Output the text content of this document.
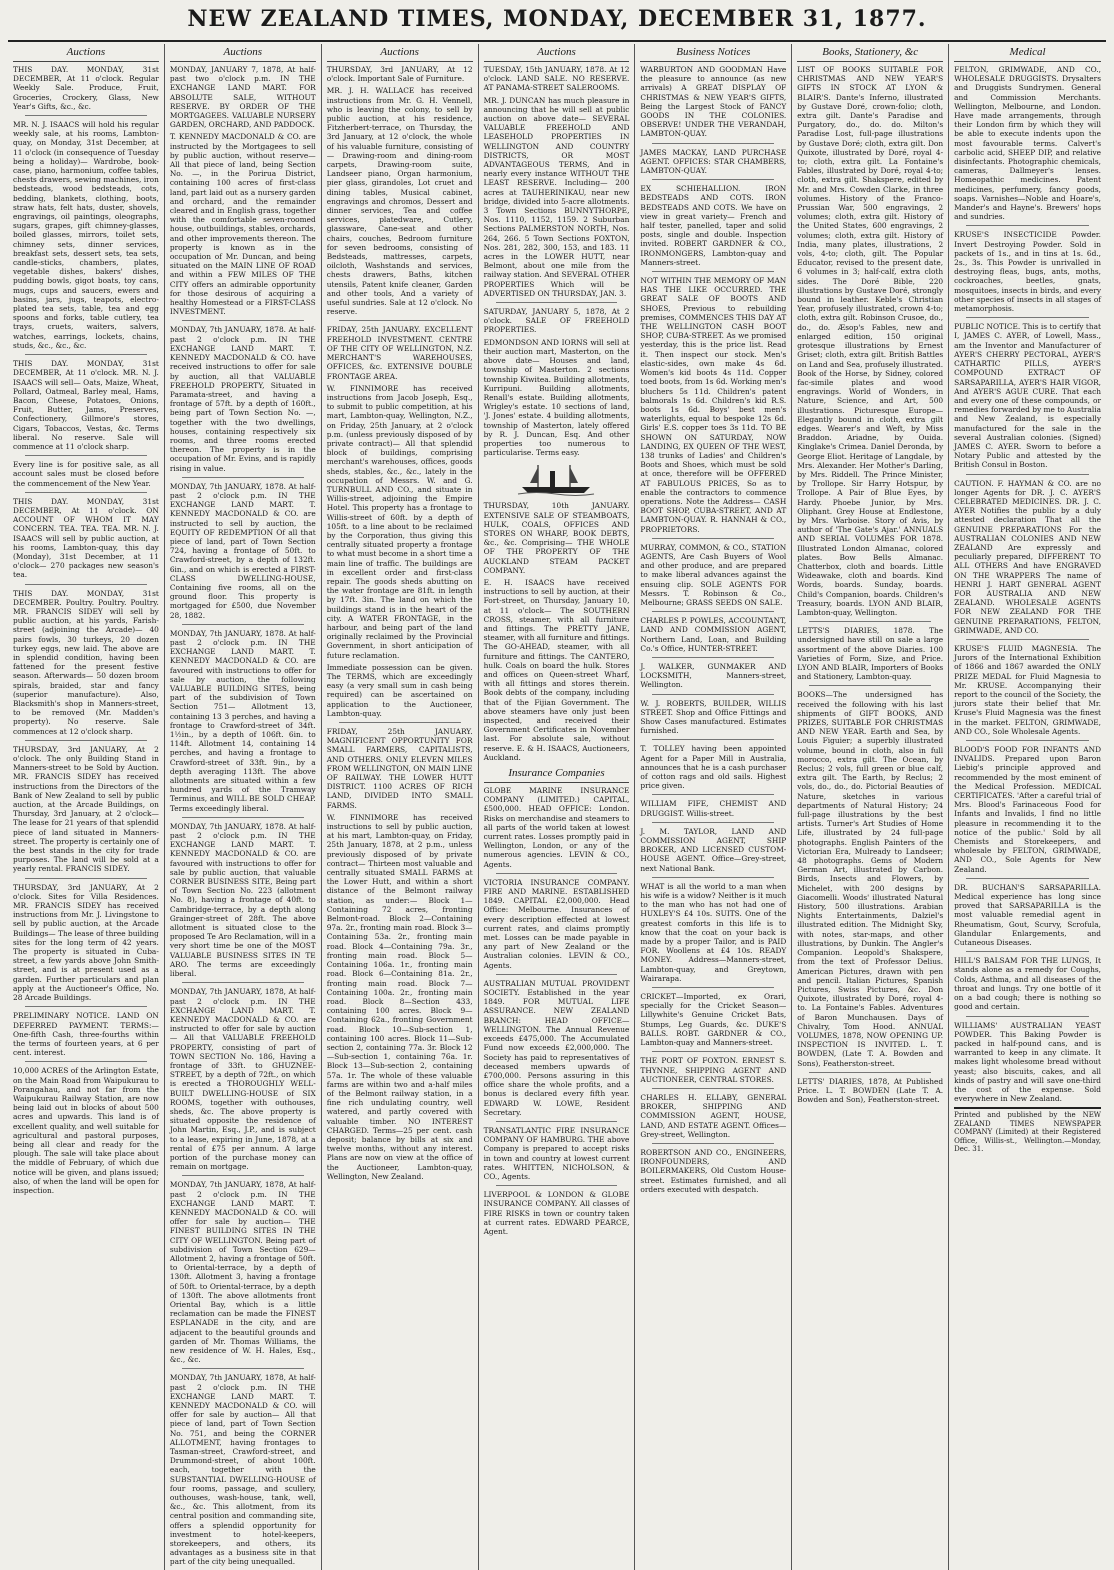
NEW ZEALAND TIMES, MONDAY, DECEMBER 31, 1877.
Auctions

THIS DAY. MONDAY, 31st DECEMBER, At 11 o'clock. Regular Weekly Sale. Produce, Fruit, Groceries, Crockery, Glass, New Year's Gifts, &c., &c.

MR. N. J. ISAACS will hold his regular weekly sale, at his rooms, Lambton-quay, on Monday, 31st December, at 11 o'clock (in consequence of Tuesday being a holiday)— Wardrobe, book-case, piano, harmonium, coffee tables, chests drawers, sewing machines, iron bedsteads, wood bedsteads, cots, bedding, blankets, clothing, boots, straw hats, felt hats, duster, shovels, engravings, oil paintings, oleographs, sugars, grapes, gift chimney-glasses, boiled glasses, mirrors, toilet sets, chimney sets, dinner services, breakfast sets, dessert sets, tea sets, candle-sticks, chambers, plates, vegetable dishes, bakers' dishes, pudding bowls, gigot boats, toy cans, mugs, cups and saucers, ewers and basins, jars, jugs, teapots, electro-plated tea sets, table, tea and egg spoons and forks, table cutlery, tea trays, cruets, waiters, salvers, watches, earrings, lockets, chains, studs, &c., &c., &c.

THIS DAY. MONDAY, 31st DECEMBER, At 11 o'clock. MR. N. J. ISAACS will sell— Oats, Maize, Wheat, Pollard, Oatmeal, Barley meal, Hams, Bacon, Cheese, Potatoes, Onions, Fruit, Butter, Jams, Preserves, Confectionery, Gillmore's stores, Cigars, Tobaccos, Vestas, &c. Terms liberal. No reserve. Sale will commence at 11 o'clock sharp.

Every line is for positive sale, as all account sales must be closed before the commencement of the New Year.

THIS DAY. MONDAY, 31st DECEMBER, At 11 o'clock. ON ACCOUNT OF WHOM IT MAY CONCERN. TEA. TEA. TEA. MR. N. J. ISAACS will sell by public auction, at his rooms, Lambton-quay, this day (Monday), 31st December, at 11 o'clock— 270 packages new season's tea.

THIS DAY. MONDAY, 31st DECEMBER. Poultry. Poultry. Poultry. MR. FRANCIS SIDEY will sell by public auction, at his yards, Farish-street (adjoining the Arcade)— 40 pairs fowls, 30 turkeys, 20 dozen turkey eggs, new laid. The above are in splendid condition, having been fattened for the present festive season. Afterwards— 50 dozen broom spirals, braided, star and fancy (superior manufacture). Also, Blacksmith's shop in Manners-street, to be removed (Mr. Madden's property). No reserve. Sale commences at 12 o'clock sharp.

THURSDAY, 3rd JANUARY, At 2 o'clock. The only Building Stand in Manners-street to be Sold by Auction. MR. FRANCIS SIDEY has received instructions from the Directors of the Bank of New Zealand to sell by public auction, at the Arcade Buildings, on Thursday, 3rd January, at 2 o'clock— The lease for 21 years of that splendid piece of land situated in Manners-street. The property is certainly one of the best stands in the city for trade purposes. The land will be sold at a yearly rental. FRANCIS SIDEY.

THURSDAY, 3rd JANUARY, At 2 o'clock. Sites for Villa Residences. MR. FRANCIS SIDEY has received instructions from Mr. J. Livingstone to sell by public auction, at the Arcade Buildings— The lease of three building sites for the long term of 42 years. The property is situated in Cuba-street, a few yards above John Smith-street, and is at present used as a garden. Further particulars and plan apply at the Auctioneer's Office, No. 28 Arcade Buildings.

PRELIMINARY NOTICE. LAND ON DEFERRED PAYMENT. TERMS:— One-fifth Cash, three-fourths within the terms of fourteen years, at 6 per cent. interest.

10,000 ACRES of the Arlington Estate, on the Main Road from Waipukurau to Porangahau, and not far from the Waipukurau Railway Station, are now being laid out in blocks of about 500 acres and upwards. This land is of excellent quality, and well suitable for agricultural and pastoral purposes, being all clear and ready for the plough. The sale will take place about the middle of February, of which due notice will be given, and plans issued; also, of when the land will be open for inspection.

Auctions

MONDAY, JANUARY 7, 1878, At half-past two o'clock p.m. IN THE EXCHANGE LAND MART. FOR ABSOLUTE SALE, WITHOUT RESERVE. BY ORDER OF THE MORTGAGEES. VALUABLE NURSERY GARDEN, ORCHARD, AND PADDOCK.

T. KENNEDY MACDONALD & CO. are instructed by the Mortgagees to sell by public auction, without reserve— All that piece of land, being Section No. —, in the Porirua District, containing 100 acres of first-class land, part laid out as a nursery garden and orchard, and the remainder cleared and in English grass, together with the comfortable seven-roomed house, outbuildings, stables, orchards, and other improvements thereon. The property is known as in the occupation of Mr. Duncan, and being situated on the MAIN LINE OF ROAD and within a FEW MILES OF THE CITY offers an admirable opportunity for those desirous of acquiring a healthy Homestead or a FIRST-CLASS INVESTMENT.

MONDAY, 7th JANUARY, 1878. At half-past 2 o'clock p.m. IN THE EXCHANGE LAND MART. T. KENNEDY MACDONALD & CO. have received instructions to offer for sale by auction, all that VALUABLE FREEHOLD PROPERTY, Situated in Paramata-street, and having a frontage of 57ft. by a depth of 160ft., being part of Town Section No. —, together with the two dwellings, houses, containing respectively six rooms, and three rooms erected thereon. The property is in the occupation of Mr. Evins, and is rapidly rising in value.

MONDAY, 7th JANUARY, 1878. At half-past 2 o'clock p.m. IN THE EXCHANGE LAND MART. T. KENNEDY MACDONALD & CO. are instructed to sell by auction, the EQUITY OF REDEMPTION Of all that piece of land, part of Town Section 724, having a frontage of 50ft. to Crawford-street, by a depth of 132ft. 6in., and on which is erected a FIRST-CLASS DWELLING-HOUSE, Containing five rooms, all on the ground floor. This property is mortgaged for £500, due November 28, 1882.

MONDAY, 7th JANUARY, 1878. At half-past 2 o'clock p.m. IN THE EXCHANGE LAND MART. T. KENNEDY MACDONALD & CO. are favoured with instructions to offer for sale by auction, the following VALUABLE BUILDING SITES, being part of the subdivision of Town Section 751— Allotment 13, containing 13 3 perches, and having a frontage to Crawford-street of 34ft. 1½in., by a depth of 106ft. 6in. to 114ft. Allotment 14, containing 14 perches, and having a frontage to Crawford-street of 33ft. 9in., by a depth averaging 113ft. The above allotments are situated within a few hundred yards of the Tramway Terminus, and WILL BE SOLD CHEAP. Terms exceedingly liberal.

MONDAY, 7th JANUARY, 1878. At half-past 2 o'clock p.m. IN THE EXCHANGE LAND MART. T. KENNEDY MACDONALD & CO. are favoured with instructions to offer for sale by public auction, that valuable CORNER BUSINESS SITE, Being part of Town Section No. 223 (allotment No. 8), having a frontage of 40ft. to Cambridge-terrace, by a depth along Grainger-street of 28ft. The above allotment is situated close to the proposed Te Aro Reclamation, will in a very short time be one of the MOST VALUABLE BUSINESS SITES IN TE ARO. The terms are exceedingly liberal.

MONDAY, 7th JANUARY, 1878, At half-past 2 o'clock p.m. IN THE EXCHANGE LAND MART. T. KENNEDY MACDONALD & CO. are instructed to offer for sale by auction— All that VALUABLE FREEHOLD PROPERTY, consisting of part of TOWN SECTION No. 186, Having a frontage of 33ft. to GHUZNEE-STREET, by a depth of 72ft., on which is erected a THOROUGHLY WELL-BUILT DWELLING-HOUSE of SIX ROOMS, together with outhouses, sheds, &c. The above property is situated opposite the residence of John Martin, Esq., J.P., and is subject to a lease, expiring in June, 1878, at a rental of £75 per annum. A large portion of the purchase money can remain on mortgage.

MONDAY, 7th JANUARY, 1878, At half-past 2 o'clock p.m. IN THE EXCHANGE LAND MART. T. KENNEDY MACDONALD & CO. will offer for sale by auction— THE FINEST BUILDING SITES IN THE CITY OF WELLINGTON. Being part of subdivision of Town Section 629— Allotment 2, having a frontage of 50ft. to Oriental-terrace, by a depth of 130ft. Allotment 3, having a frontage of 50ft. to Oriental-terrace, by a depth of 130ft. The above allotments front Oriental Bay, which is a little reclamation can be made the FINEST ESPLANADE in the city, and are adjacent to the beautiful grounds and garden of Mr. Thomas Williams, the new residence of W. H. Hales, Esq., &c., &c.

MONDAY, 7th JANUARY, 1878, At half-past 2 o'clock p.m. IN THE EXCHANGE LAND MART. T. KENNEDY MACDONALD & CO. will offer for sale by auction— All that piece of land, part of Town Section No. 751, and being the CORNER ALLOTMENT, having frontages to Tasman-street, Crawford-street, and Drummond-street, of about 100ft. each, together with the SUBSTANTIAL DWELLING-HOUSE of four rooms, passage, and scullery, outhouses, wash-house, tank, well, &c., &c. This allotment, from its central position and commanding site, offers a splendid opportunity for investment to hotel-keepers, storekeepers, and others, its advantages as a business site in that part of the city being unequalled.

Auctions

THURSDAY, 3rd JANUARY, At 12 o'clock. Important Sale of Furniture.

MR. J. H. WALLACE has received instructions from Mr. G. H. Vennell, who is leaving the colony, to sell by public auction, at his residence, Fitzherbert-terrace, on Thursday, the 3rd January, at 12 o'clock, the whole of his valuable furniture, consisting of— Drawing-room and dining-room carpets, Drawing-room suite, Landseer piano, Organ harmonium, pier glass, girandoles, Lot cruet and dining tables, Musical cabinet, engravings and chromos, Dessert and dinner services, Tea and coffee services, platedware, Cutlery, glassware, Cane-seat and other chairs, couches, Bedroom furniture for seven bedrooms, consisting of Bedsteads, mattresses, carpets, oilcloth, Washstands and services, chests drawers, Baths, kitchen utensils, Patent knife cleaner, Garden and other tools, And a variety of useful sundries. Sale at 12 o'clock. No reserve.

FRIDAY, 25th JANUARY. EXCELLENT FREEHOLD INVESTMENT. CENTRE OF THE CITY OF WELLINGTON, N.Z. MERCHANT'S WAREHOUSES, OFFICES, &c. EXTENSIVE DOUBLE FRONTAGE AREA.

W. FINNIMORE has received instructions from Jacob Joseph, Esq., to submit to public competition, at his mart, Lambton-quay, Wellington, N.Z., on Friday, 25th January, at 2 o'clock p.m. (unless previously disposed of by private contract)— All that splendid block of buildings, comprising merchant's warehouses, offices, goods sheds, stables, &c., &c., lately in the occupation of Messrs. W. and G. TURNBULL AND CO., and situate in Willis-street, adjoining the Empire Hotel. This property has a frontage to Willis-street of 60ft. by a depth of 105ft. to a line about to be reclaimed by the Corporation, thus giving this centrally situated property a frontage to what must become in a short time a main line of traffic. The buildings are in excellent order and first-class repair. The goods sheds abutting on the water frontage are 81ft. in length by 17ft. 3in. The land on which the buildings stand is in the heart of the city. A WATER FRONTAGE, in the harbour, and being part of the land originally reclaimed by the Provincial Government, in short anticipation of future reclamation.

Immediate possession can be given. The TERMS, which are exceedingly easy (a very small sum in cash being required) can be ascertained on application to the Auctioneer, Lambton-quay.

FRIDAY, 25th JANUARY. MAGNIFICENT OPPORTUNITY FOR SMALL FARMERS, CAPITALISTS, AND OTHERS. ONLY ELEVEN MILES FROM WELLINGTON, ON MAIN LINE OF RAILWAY. THE LOWER HUTT DISTRICT. 1100 ACRES OF RICH LAND, DIVIDED INTO SMALL FARMS.

W. FINNIMORE has received instructions to sell by public auction, at his mart, Lambton-quay, on Friday, 25th January, 1878, at 2 p.m., unless previously disposed of by private contract— Thirteen most valuable and centrally situated SMALL FARMS at the Lower Hutt, and within a short distance of the Belmont railway station, as under:— Block 1—Containing 72 acres, fronting Belmont-road. Block 2—Containing 97a. 2r., fronting main road. Block 3—Containing 53a. 2r., fronting main road. Block 4—Containing 79a. 3r., fronting main road. Block 5—Containing 106a. 1r., fronting main road. Block 6—Containing 81a. 2r., fronting main road. Block 7—Containing 100a. 2r., fronting main road. Block 8—Section 433, containing 100 acres. Block 9—Containing 62a., fronting Government road. Block 10—Sub-section 1, containing 100 acres. Block 11—Sub-section 2, containing 77a. 3r. Block 12—Sub-section 1, containing 76a. 1r. Block 13—Sub-section 2, containing 57a. 1r. The whole of these valuable farms are within two and a-half miles of the Belmont railway station, in a fine rich undulating country, well watered, and partly covered with valuable timber. NO INTEREST CHARGED. Terms—25 per cent. cash deposit; balance by bills at six and twelve months, without any interest. Plans are now on view at the office of the Auctioneer, Lambton-quay, Wellington, New Zealand.

Auctions

TUESDAY, 15th JANUARY, 1878. At 12 o'clock. LAND SALE. NO RESERVE. AT PANAMA-STREET SALEROOMS.

MR. J. DUNCAN has much pleasure in announcing that he will sell at public auction on above date— SEVERAL VALUABLE FREEHOLD AND LEASEHOLD PROPERTIES IN WELLINGTON AND COUNTRY DISTRICTS, OR MOST ADVANTAGEOUS TERMS, And in nearly every instance WITHOUT THE LEAST RESERVE. Including— 200 acres at TAUHERINIKAU, near new bridge, divided into 5-acre allotments. 3 Town Sections BUNNYTHORPE, Nos. 1110, 1152, 1159. 2 Suburban Sections PALMERSTON NORTH, Nos. 264, 266. 5 Town Sections FOXTON, Nos. 281, 282, 300, 153, and 183. 11 acres in the LOWER HUTT, near Belmont, about one mile from the railway station. And SEVERAL OTHER PROPERTIES Which will be ADVERTISED ON THURSDAY, JAN. 3.

SATURDAY, JANUARY 5, 1878, At 2 o'clock. SALE OF FREEHOLD PROPERTIES.

EDMONDSON AND IORNS will sell at their auction mart, Masterton, on the above date— Houses and land, township of Masterton. 2 sections township Kiwitea. Building allotments, Kurripuni. Building allotments, Renall's estate. Building allotments, Wrigley's estate. 10 sections of land, 'J. Jones' estate. 4 building allotments, township of Masterton, lately offered by R. J. Duncan, Esq. And other properties too numerous to particularise. Terms easy.

THURSDAY, 10th JANUARY. EXTENSIVE SALE OF STEAMBOATS, HULK, COALS, OFFICES AND STORES ON WHARF, BOOK DEBTS, &c., &c. Comprising— THE WHOLE OF THE PROPERTY OF THE AUCKLAND STEAM PACKET COMPANY.

E. H. ISAACS have received instructions to sell by auction, at their Fort-street, on Thursday, January 10, at 11 o'clock— The SOUTHERN CROSS, steamer, with all furniture and fittings. The PRETTY JANE, steamer, with all furniture and fittings. The GO-AHEAD, steamer, with all furniture and fittings. The CANTERO, hulk. Coals on board the hulk. Stores and offices on Queen-street Wharf, with all fittings and stores therein. Book debts of the company, including that of the Fijian Government. The above steamers have only just been inspected, and received their Government Certificates in November last. For absolute sale, without reserve. E. & H. ISAACS, Auctioneers, Auckland.

Insurance Companies

GLOBE MARINE INSURANCE COMPANY (LIMITED.) CAPITAL, £500,000. HEAD OFFICE: London. Risks on merchandise and steamers to all parts of the world taken at lowest current rates. Losses promptly paid in Wellington, London, or any of the numerous agencies. LEVIN & CO., Agents.

VICTORIA INSURANCE COMPANY. FIRE AND MARINE. ESTABLISHED 1849. CAPITAL £2,000,000. Head Office: Melbourne. Insurances of every description effected at lowest current rates, and claims promptly met. Losses can be made payable in any part of New Zealand or the Australian colonies. LEVIN & CO., Agents.

AUSTRALIAN MUTUAL PROVIDENT SOCIETY. Established in the year 1849. FOR MUTUAL LIFE ASSURANCE. NEW ZEALAND BRANCH: HEAD OFFICE—WELLINGTON. The Annual Revenue exceeds £475,000. The Accumulated Fund now exceeds £2,000,000. The Society has paid to representatives of deceased members upwards of £700,000. Persons assuring in this office share the whole profits, and a bonus is declared every fifth year. EDWARD W. LOWE, Resident Secretary.

TRANSATLANTIC FIRE INSURANCE COMPANY OF HAMBURG. THE above Company is prepared to accept risks in town and country at lowest current rates. WHITTEN, NICHOLSON, & CO., Agents.

LIVERPOOL & LONDON & GLOBE INSURANCE COMPANY. All classes of FIRE RISKS in town or country taken at current rates. EDWARD PEARCE, Agent.

Business Notices

WARBURTON AND GOODMAN Have the pleasure to announce (as new arrivals) A GREAT DISPLAY OF CHRISTMAS & NEW YEAR'S GIFTS, Being the Largest Stock of FANCY GOODS IN THE COLONIES. OBSERVE! UNDER THE VERANDAH, LAMBTON-QUAY.

JAMES MACKAY, LAND PURCHASE AGENT. OFFICES: STAR CHAMBERS, LAMBTON-QUAY.

EX SCHIEHALLION. IRON BEDSTEADS AND COTS. IRON BEDSTEADS AND COTS. We have on view in great variety— French and half tester, panelled, taper and solid posts, single and double. Inspection invited. ROBERT GARDNER & CO., IRONMONGERS, Lambton-quay and Manners-street.

NOT WITHIN THE MEMORY OF MAN HAS THE LIKE OCCURRED. THE GREAT SALE OF BOOTS AND SHOES, Previous to rebuilding premises, COMMENCES THIS DAY AT THE WELLINGTON CASH BOOT SHOP, CUBA-STREET. As we promised yesterday, this is the price list. Read it. Then inspect our stock. Men's elastic-sides, own make 4s 6d. Women's kid boots 4s 11d. Copper toed boots, from 1s 6d. Working men's bluchers 5s 11d. Children's patent balmorals 1s 6d. Children's kid R.S. boots 1s 6d. Boys' best men's waterlights, equal to bespoke 12s 6d. Girls' E.S. copper toes 3s 11d. TO BE SHOWN ON SATURDAY, NOW LANDING, EX QUEEN OF THE WEST, 138 trunks of Ladies' and Children's Boots and Shoes, which must be sold at once, therefore will be OFFERED AT FABULOUS PRICES, So as to enable the contractors to commence operations. Note the Address— CASH BOOT SHOP, CUBA-STREET, AND AT LAMBTON-QUAY. R. HANNAH & CO., PROPRIETORS.

MURRAY, COMMON, & CO., STATION AGENTS, Are Cash Buyers of Wool and other produce, and are prepared to make liberal advances against the ensuing clip. SOLE AGENTS FOR Messrs. T. Robinson & Co., Melbourne; GRASS SEEDS ON SALE.

CHARLES P. POWLES, ACCOUNTANT, LAND AND COMMISSION AGENT, Northern Land, Loan, and Building Co.'s Office, HUNTER-STREET.

J. WALKER, GUNMAKER AND LOCKSMITH, Manners-street, Wellington.

W. J. ROBERTS, BUILDER, WILLIS STREET. Shop and Office Fittings and Show Cases manufactured. Estimates furnished.

T. TOLLEY having been appointed Agent for a Paper Mill in Australia, announces that he is a cash purchaser of cotton rags and old sails. Highest price given.

WILLIAM FIFE, CHEMIST AND DRUGGIST. Willis-street.

J. M. TAYLOR, LAND AND COMMISSION AGENT, SHIP BROKER, AND LICENSED CUSTOM-HOUSE AGENT. Office—Grey-street, next National Bank.

WHAT is all the world to a man when his wife is a widow? Neither is it much to the man who has not had one of HUXLEY'S £4 10s. SUITS. One of the greatest comforts in this life is to know that the coat on your back is made by a proper Tailor, and is PAID FOR. Woollens at £4 10s. READY MONEY. Address—Manners-street, Lambton-quay, and Greytown, Wairarapa.

CRICKET—Imported, ex Orari, specially for the Cricket Season— Lillywhite's Genuine Cricket Bats, Stumps, Leg Guards, &c. DUKE'S BALLS. ROBT. GARDNER & CO., Lambton-quay and Manners-street.

THE PORT OF FOXTON. ERNEST S. THYNNE, SHIPPING AGENT AND AUCTIONEER, CENTRAL STORES.

CHARLES H. ELLABY, GENERAL BROKER, SHIPPING AND COMMISSION AGENT, HOUSE, LAND, AND ESTATE AGENT. Offices—Grey-street, Wellington.

ROBERTSON AND CO., ENGINEERS, IRONFOUNDERS, AND BOILERMAKERS, Old Custom House-street. Estimates furnished, and all orders executed with despatch.

Books, Stationery, &c

LIST OF BOOKS SUITABLE FOR CHRISTMAS AND NEW YEAR'S GIFTS IN STOCK AT LYON & BLAIR'S. Dante's Inferno, illustrated by Gustave Doré, crown-folio; cloth, extra gilt. Dante's Paradise and Purgatory, do., do. do. Milton's Paradise Lost, full-page illustrations by Gustave Doré; cloth, extra gilt. Don Quixote, illustrated by Doré, royal 4-to; cloth, extra gilt. La Fontaine's Fables, illustrated by Doré, royal 4-to; cloth, extra gilt. Shakspere, edited by Mr. and Mrs. Cowden Clarke, in three volumes. History of the Franco-Prussian War, 500 engravings, 2 volumes; cloth, extra gilt. History of the United States, 600 engravings, 2 volumes; cloth, extra gilt. History of India, many plates, illustrations, 2 vols, 4-to; cloth, gilt. The Popular Educator, revised to the present date, 6 volumes in 3; half-calf, extra cloth sides. The Doré Bible, 220 illustrations by Gustave Doré, strongly bound in leather. Keble's Christian Year, profusely illustrated, crown 4-to; cloth, extra gilt. Robinson Crusoe, do., do., do. Æsop's Fables, new and enlarged edition, 150 original grotesque illustrations by Ernest Griset; cloth, extra gilt. British Battles on Land and Sea, profusely illustrated. Book of the Horse, by Sidney, colored fac-simile plates and wood engravings. World of Wonders, in Nature, Science, and Art, 500 illustrations. Picturesque Europe—Elegantly bound in cloth, extra gilt edges. Wearer's and Weft, by Miss Braddon. Ariadne, by Ouida. Kinglake's Crimea. Daniel Deronda, by George Eliot. Heritage of Langdale, by Mrs. Alexander. Her Mother's Darling, by Mrs. Riddell. The Prince Minister, by Trollope. Sir Harry Hotspur, by Trollope. A Pair of Blue Eyes, by Hardy. Phoebe Junior, by Mrs. Oliphant. Grey House at Endlestone, by Mrs. Warboise. Story of Avis, by author of 'The Gate's Ajar.' ANNUALS AND SERIAL VOLUMES FOR 1878. Illustrated London Almanac, colored plates. Bow Bells Almanac. Chatterbox, cloth and boards. Little Wideawake, cloth and boards. Kind Words, boards. Sunday, boards. Child's Companion, boards. Children's Treasury, boards. LYON AND BLAIR, Lambton-quay, Wellington.

LETTS'S DIARIES, 1878. The undersigned have still on sale a large assortment of the above Diaries. 100 Varieties of Form, Size, and Price. LYON AND BLAIR, Importers of Books and Stationery, Lambton-quay.

BOOKS—The undersigned has received the following with his last shipments of GIFT BOOKS, AND PRIZES, SUITABLE FOR CHRISTMAS AND NEW YEAR. Earth and Sea, by Louis Figuier; a superbly illustrated volume, bound in cloth, also in full morocco, extra gilt. The Ocean, by Reclus; 2 vols, full green or blue calf, extra gilt. The Earth, by Reclus; 2 vols, do., do., do. Pictorial Beauties of Nature, sketches in various departments of Natural History; 24 full-page illustrations by the best artists. Turner's Art Studies of Home Life, illustrated by 24 full-page photographs. English Painters of the Victorian Era, Mulready to Landseer; 48 photographs. Gems of Modern German Art, illustrated by Carbon. Birds, Insects and Flowers, by Michelet, with 200 designs by Giacomelli. Woods' illustrated Natural History, 500 illustrations. Arabian Nights Entertainments, Dalziel's illustrated edition. The Midnight Sky, with notes, star-maps, and other illustrations, by Dunkin. The Angler's Companion. Leopold's Shakspere, from the text of Professor Delius. American Pictures, drawn with pen and pencil. Italian Pictures, Spanish Pictures, Swiss Pictures, &c. Don Quixote, illustrated by Doré, royal 4-to. La Fontaine's Fables. Adventures of Baron Munchausen. Days of Chivalry, Tom Hood. ANNUAL VOLUMES, 1878, NOW OPENING UP. INSPECTION IS INVITED. L. T. BOWDEN, (Late T. A. Bowden and Sons), Featherston-street.

LETTS' DIARIES, 1878, At Published Price. L. T. BOWDEN (Late T. A. Bowden and Son), Featherston-street.

Medical

FELTON, GRIMWADE, AND CO., WHOLESALE DRUGGISTS. Drysalters and Druggists Sundrymen. General and Commission Merchants. Wellington, Melbourne, and London. Have made arrangements, through their London firm by which they will be able to execute indents upon the most favourable terms. Calvert's carbolic acid, SHEEP DIP, and relative disinfectants. Photographic chemicals, cameras, Dallmeyer's lenses. Homeopathic medicines. Patent medicines, perfumery, fancy goods, soaps. Varnishes—Noble and Hoare's, Mander's and Hayne's. Brewers' hops and sundries.

KRUSE'S INSECTICIDE Powder. Invert Destroying Powder. Sold in packets of 1s., and in tins at 1s. 6d., 2s., 3s. This Powder is unrivalled in destroying fleas, bugs, ants, moths, cockroaches, beetles, gnats, mosquitoes, insects in birds, and every other species of insects in all stages of metamorphosis.

PUBLIC NOTICE. This is to certify that I, JAMES C. AYER, of Lowell, Mass., am the Inventor and Manufacturer of AYER'S CHERRY PECTORAL, AYER'S CATHARTIC PILLS, AYER'S COMPOUND EXTRACT OF SARSAPARILLA, AYER'S HAIR VIGOR, And AYER'S AGUE CURE. That each and every one of these compounds, or remedies forwarded by me to Australia and New Zealand, is especially manufactured for the sale in the several Australian colonies. (Signed) JAMES C. AYER. Sworn to before a Notary Public and attested by the British Consul in Boston.

CAUTION. F. HAYMAN & CO. are no longer Agents for DR. J. C. AYER'S CELEBRATED MEDICINES. DR. J. C. AYER Notifies the public by a duly attested declaration That all the GENUINE PREPARATIONS For the AUSTRALIAN COLONIES AND NEW ZEALAND Are expressly and peculiarly prepared, DIFFERENT TO ALL OTHERS And have ENGRAVED ON THE WRAPPERS The name of HENRI J. HART GENERAL AGENT FOR AUSTRALIA AND NEW ZEALAND. WHOLESALE AGENTS FOR NEW ZEALAND FOR THE GENUINE PREPARATIONS, FELTON, GRIMWADE, AND CO.

KRUSE'S FLUID MAGNESIA. The Jurors of the International Exhibition of 1866 and 1867 awarded the ONLY PRIZE MEDAL for Fluid Magnesia to Mr. KRUSE. Accompanying their report to the council of the Society, the jurors state their belief that Mr. Kruse's Fluid Magnesia was the finest in the market. FELTON, GRIMWADE, AND CO., Sole Wholesale Agents.

BLOOD'S FOOD FOR INFANTS AND INVALIDS. Prepared upon Baron Liebig's principle approved and recommended by the most eminent of the Medical Profession. MEDICAL CERTIFICATES. 'After a careful trial of Mrs. Blood's Farinaceous Food for Infants and Invalids, I find no little pleasure in recommending it to the notice of the public.' Sold by all Chemists and Storekeepers, and wholesale by FELTON, GRIMWADE, AND CO., Sole Agents for New Zealand.

DR. BUCHAN'S SARSAPARILLA. Medical experience has long since proved that SARSAPARILLA is the most valuable remedial agent in Rheumatism, Gout, Scurvy, Scrofula, Glandular Enlargements, and Cutaneous Diseases.

HILL'S BALSAM FOR THE LUNGS, It stands alone as a remedy for Coughs, Colds, Asthma, and all diseases of the throat and lungs. Try one bottle of it on a bad cough; there is nothing so good and certain.

WILLIAMS' AUSTRALIAN YEAST POWDER. This Baking Powder is packed in half-pound cans, and is warranted to keep in any climate. It makes light wholesome bread without yeast; also biscuits, cakes, and all kinds of pastry and will save one-third the cost of the expense. Sold everywhere in New Zealand.

Printed and published by the NEW ZEALAND TIMES NEWSPAPER COMPANY (Limited) at their Registered Office, Willis-st., Wellington.—Monday, Dec. 31.
